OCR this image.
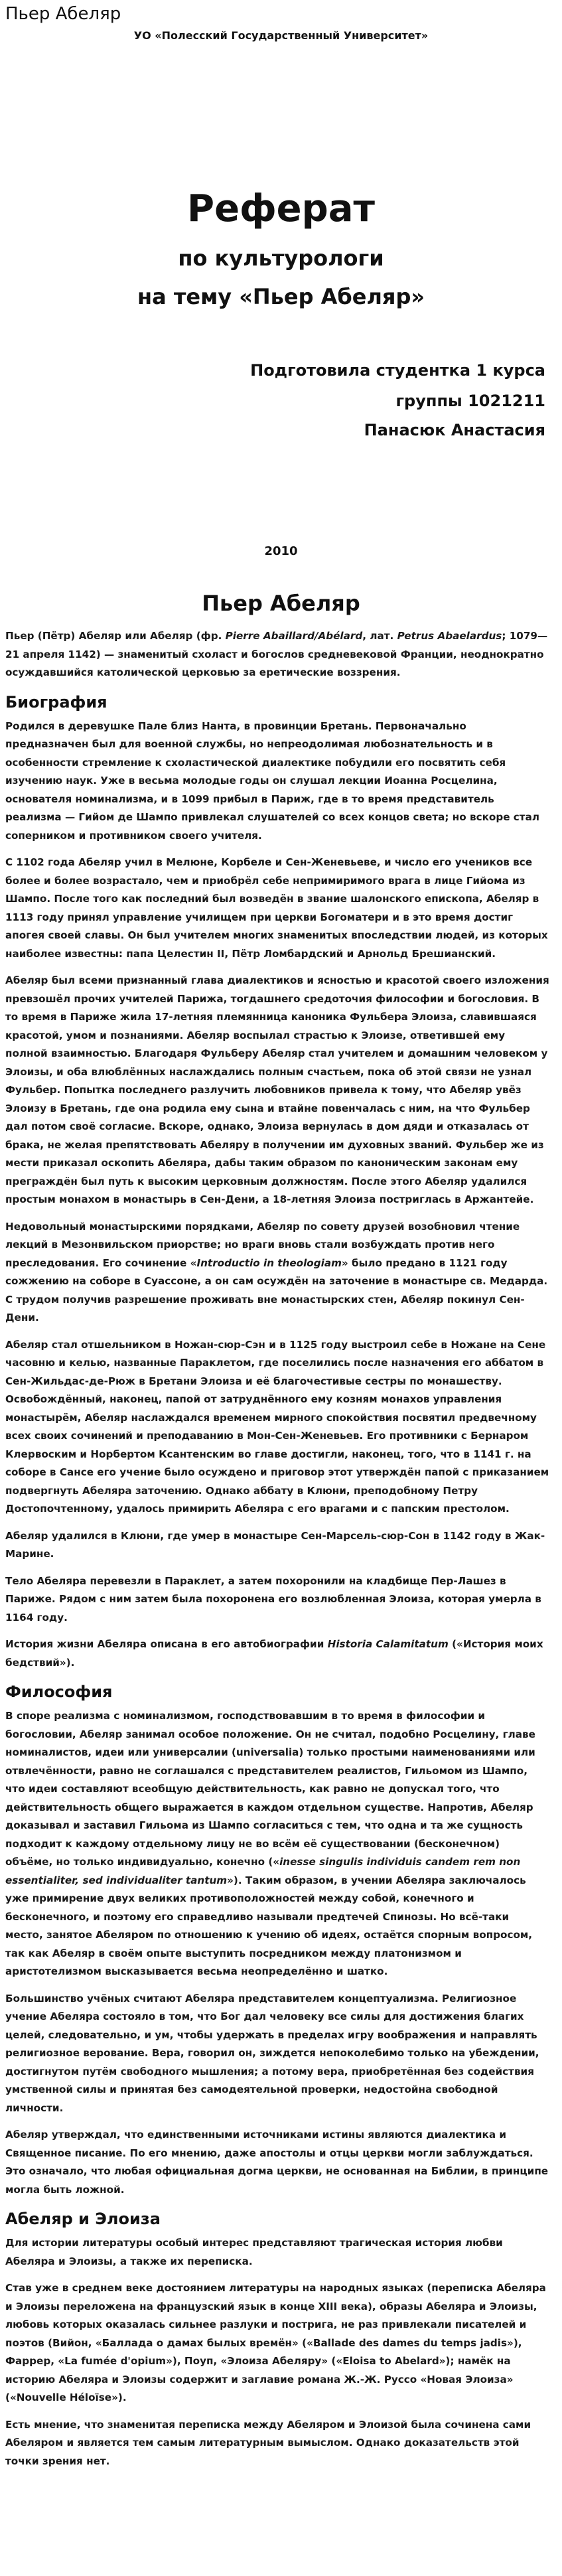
Пьер Абеляр
УО «Полесский Государственный Университет»
Реферат
по культурологи
на тему «Пьер Абеляр»
Подготовила студентка 1 курса
группы 1021211
Панасюк Анастасия
2010
Пьер Абеляр

Пьер (Пётр) Абеляр или Абеляр (фр. Pierre Abaillard/Abélard, лат. Petrus Abaelardus; 1079— 21 апреля 1142) — знаменитый схоласт и богослов средневековой Франции, неоднократно осуждавшийся католической церковью за еретические воззрения.

Биография

Родился в деревушке Пале близ Нанта, в провинции Бретань. Первоначально предназначен был для военной службы, но непреодолимая любознательность и в особенности стремление к схоластической диалектике побудили его посвятить себя изучению наук. Уже в весьма молодые годы он слушал лекции Иоанна Росцелина, основателя номинализма, и в 1099 прибыл в Париж, где в то время представитель реализма — Гийом де Шампо привлекал слушателей со всех концов света; но вскоре стал соперником и противником своего учителя.

С 1102 года Абеляр учил в Мелюне, Корбеле и Сен-Женевьеве, и число его учеников все более и более возрастало, чем и приобрёл себе непримиримого врага в лице Гийома из Шампо. После того как последний был возведён в звание шалонского епископа, Абеляр в 1113 году принял управление училищем при церкви Богоматери и в это время достиг апогея своей славы. Он был учителем многих знаменитых впоследствии людей, из которых наиболее известны: папа Целестин II, Пётр Ломбардский и Арнольд Брешианский.

Абеляр был всеми признанный глава диалектиков и ясностью и красотой своего изложения превзошёл прочих учителей Парижа, тогдашнего средоточия философии и богословия. В то время в Париже жила 17-летняя племянница каноника Фульбера Элоиза, славившаяся красотой, умом и познаниями. Абеляр воспылал страстью к Элоизе, ответившей ему полной взаимностью. Благодаря Фульберу Абеляр стал учителем и домашним человеком у Элоизы, и оба влюблённых наслаждались полным счастьем, пока об этой связи не узнал Фульбер. Попытка последнего разлучить любовников привела к тому, что Абеляр увёз Элоизу в Бретань, где она родила ему сына и втайне повенчалась с ним, на что Фульбер дал потом своё согласие. Вскоре, однако, Элоиза вернулась в дом дяди и отказалась от брака, не желая препятствовать Абеляру в получении им духовных званий. Фульбер же из мести приказал оскопить Абеляра, дабы таким образом по каноническим законам ему преграждён был путь к высоким церковным должностям. После этого Абеляр удалился простым монахом в монастырь в Сен-Дени, а 18-летняя Элоиза постриглась в Аржантейе.

Недовольный монастырскими порядками, Абеляр по совету друзей возобновил чтение лекций в Мезонвильском приорстве; но враги вновь стали возбуждать против него преследования. Его сочинение «Introductio in theologiam» было предано в 1121 году сожжению на соборе в Суассоне, а он сам осуждён на заточение в монастыре св. Медарда. С трудом получив разрешение проживать вне монастырских стен, Абеляр покинул Сен-Дени.

Абеляр стал отшельником в Ножан-сюр-Сэн и в 1125 году выстроил себе в Ножане на Сене часовню и келью, названные Параклетом, где поселились после назначения его аббатом в Сен-Жильдас-де-Рюж в Бретани Элоиза и её благочестивые сестры по монашеству. Освобождённый, наконец, папой от затруднённого ему козням монахов управления монастырём, Абеляр наслаждался временем мирного спокойствия посвятил предвечному всех своих сочинений и преподаванию в Мон-Сен-Женевьев. Его противники с Бернаром Клервоским и Норбертом Ксантенским во главе достигли, наконец, того, что в 1141 г. на соборе в Сансе его учение было осуждено и приговор этот утверждён папой с приказанием подвергнуть Абеляра заточению. Однако аббату в Клюни, преподобному Петру Достопочтенному, удалось примирить Абеляра с его врагами и с папским престолом.

Абеляр удалился в Клюни, где умер в монастыре Сен-Марсель-сюр-Сон в 1142 году в Жак-Марине.

Тело Абеляра перевезли в Параклет, а затем похоронили на кладбище Пер-Лашез в Париже. Рядом с ним затем была похоронена его возлюбленная Элоиза, которая умерла в 1164 году.

История жизни Абеляра описана в его автобиографии Historia Calamitatum («История моих бедствий»).

Философия

В споре реализма с номинализмом, господствовавшим в то время в философии и богословии, Абеляр занимал особое положение. Он не считал, подобно Росцелину, главе номиналистов, идеи или универсалии (universalia) только простыми наименованиями или отвлечённости, равно не соглашался с представителем реалистов, Гильомом из Шампо, что идеи составляют всеобщую действительность, как равно не допускал того, что действительность общего выражается в каждом отдельном существе. Напротив, Абеляр доказывал и заставил Гильома из Шампо согласиться с тем, что одна и та же сущность подходит к каждому отдельному лицу не во всём её существовании (бесконечном) объёме, но только индивидуально, конечно («inesse singulis individuis candem rem non essentialiter, sed individualiter tantum»). Таким образом, в учении Абеляра заключалось уже примирение двух великих противоположностей между собой, конечного и бесконечного, и поэтому его справедливо называли предтечей Спинозы. Но всё-таки место, занятое Абеляром по отношению к учению об идеях, остаётся спорным вопросом, так как Абеляр в своём опыте выступить посредником между платонизмом и аристотелизмом высказывается весьма неопределённо и шатко.

Большинство учёных считают Абеляра представителем концептуализма. Религиозное учение Абеляра состояло в том, что Бог дал человеку все силы для достижения благих целей, следовательно, и ум, чтобы удержать в пределах игру воображения и направлять религиозное верование. Вера, говорил он, зиждется непоколебимо только на убеждении, достигнутом путём свободного мышления; а потому вера, приобретённая без содействия умственной силы и принятая без самодеятельной проверки, недостойна свободной личности.

Абеляр утверждал, что единственными источниками истины являются диалектика и Священное писание. По его мнению, даже апостолы и отцы церкви могли заблуждаться. Это означало, что любая официальная догма церкви, не основанная на Библии, в принципе могла быть ложной.

Абеляр и Элоиза

Для истории литературы особый интерес представляют трагическая история любви Абеляра и Элоизы, а также их переписка.

Став уже в среднем веке достоянием литературы на народных языках (переписка Абеляра и Элоизы переложена на французский язык в конце XIII века), образы Абеляра и Элоизы, любовь которых оказалась сильнее разлуки и пострига, не раз привлекали писателей и поэтов (Вийон, «Баллада о дамах былых времён» («Ballade des dames du temps jadis»), Фаррер, «La fumée d'opium»), Поуп, «Элоиза Абеляру» («Eloisa to Abelard»); намёк на историю Абеляра и Элоизы содержит и заглавие романа Ж.-Ж. Руссо «Новая Элоиза» («Nouvelle Héloïse»).

Есть мнение, что знаменитая переписка между Абеляром и Элоизой была сочинена сами Абеляром и является тем самым литературным вымыслом. Однако доказательств этой точки зрения нет.
